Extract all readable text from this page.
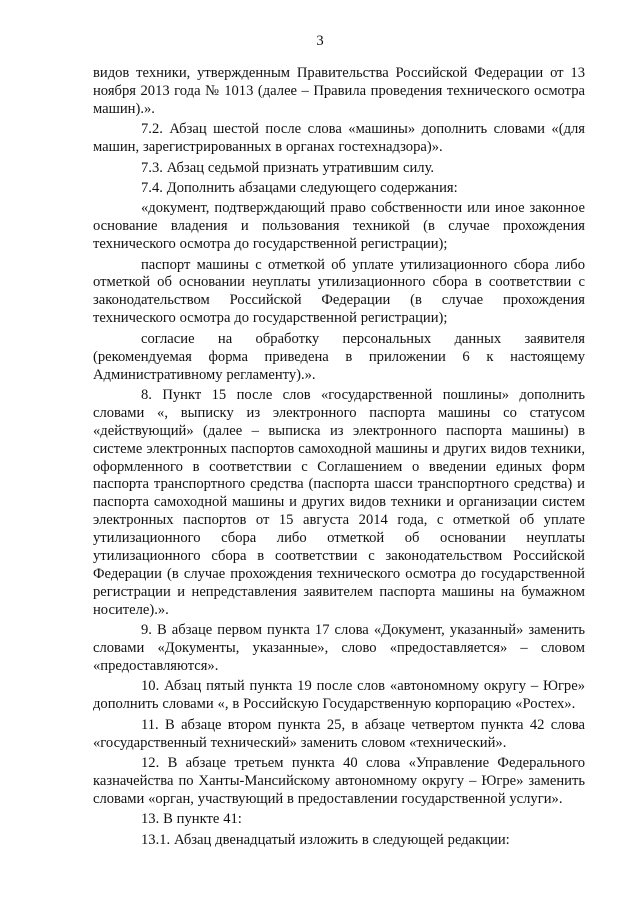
3

видов техники, утвержденным Правительства Российской Федерации от 13 ноября 2013 года № 1013 (далее – Правила проведения технического осмотра машин).».

7.2. Абзац шестой после слова «машины» дополнить словами «(для машин, зарегистрированных в органах гостехнадзора)».

7.3. Абзац седьмой признать утратившим силу.

7.4. Дополнить абзацами следующего содержания:

«документ, подтверждающий право собственности или иное законное основание владения и пользования техникой (в случае прохождения технического осмотра до государственной регистрации);

паспорт машины с отметкой об уплате утилизационного сбора либо отметкой об основании неуплаты утилизационного сбора в соответствии с законодательством Российской Федерации (в случае прохождения технического осмотра до государственной регистрации);

согласие на обработку персональных данных заявителя (рекомендуемая форма приведена в приложении 6 к настоящему Административному регламенту).».

8. Пункт 15 после слов «государственной пошлины» дополнить словами «, выписку из электронного паспорта машины со статусом «действующий» (далее – выписка из электронного паспорта машины) в системе электронных паспортов самоходной машины и других видов техники, оформленного в соответствии с Соглашением о введении единых форм паспорта транспортного средства (паспорта шасси транспортного средства) и паспорта самоходной машины и других видов техники и организации систем электронных паспортов от 15 августа 2014 года, с отметкой об уплате утилизационного сбора либо отметкой об основании неуплаты утилизационного сбора в соответствии с законодательством Российской Федерации (в случае прохождения технического осмотра до государственной регистрации и непредставления заявителем паспорта машины на бумажном носителе).».

9. В абзаце первом пункта 17 слова «Документ, указанный» заменить словами «Документы, указанные», слово «предоставляется» – словом «предоставляются».

10. Абзац пятый пункта 19 после слов «автономному округу – Югре» дополнить словами «, в Российскую Государственную корпорацию «Ростех».

11. В абзаце втором пункта 25, в абзаце четвертом пункта 42 слова «государственный технический» заменить словом «технический».

12. В абзаце третьем пункта 40 слова «Управление Федерального казначейства по Ханты-Мансийскому автономному округу – Югре» заменить словами «орган, участвующий в предоставлении государственной услуги».

13. В пункте 41:

13.1. Абзац двенадцатый изложить в следующей редакции:
